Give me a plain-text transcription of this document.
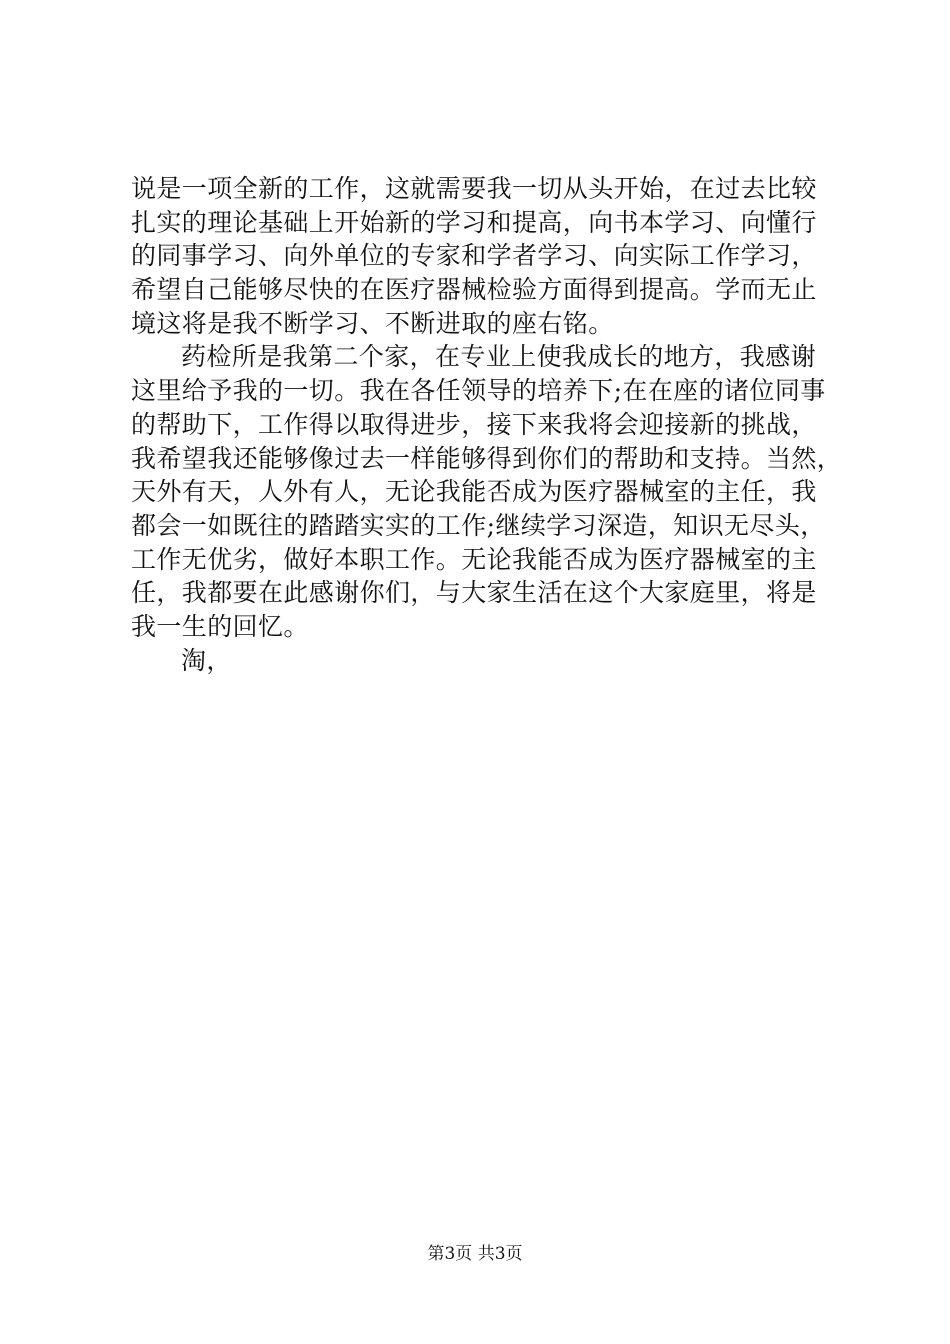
说是一项全新的工作，这就需要我一切从头开始，在过去比较
扎实的理论基础上开始新的学习和提高，向书本学习、向懂行
的同事学习、向外单位的专家和学者学习、向实际工作学习，
希望自己能够尽快的在医疗器械检验方面得到提高。学而无止
境这将是我不断学习、不断进取的座右铭。
药检所是我第二个家，在专业上使我成长的地方，我感谢
这里给予我的一切。我在各任领导的培养下;在在座的诸位同事
的帮助下，工作得以取得进步，接下来我将会迎接新的挑战，
我希望我还能够像过去一样能够得到你们的帮助和支持。当然，
天外有天，人外有人，无论我能否成为医疗器械室的主任，我
都会一如既往的踏踏实实的工作;继续学习深造，知识无尽头，
工作无优劣，做好本职工作。无论我能否成为医疗器械室的主
任，我都要在此感谢你们，与大家生活在这个大家庭里，将是
我一生的回忆。
淘，
第3页 共3页
